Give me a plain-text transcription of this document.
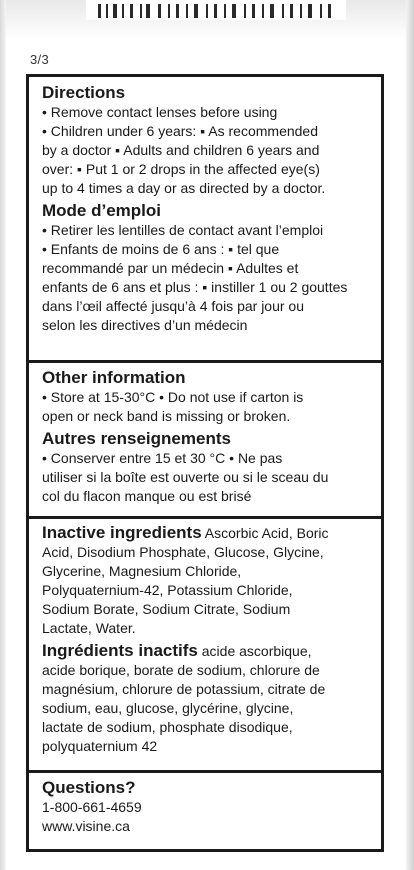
3/3

Directions

• Remove contact lenses before using

• Children under 6 years: ▪ As recommended

by a doctor ▪ Adults and children 6 years and

over: ▪ Put 1 or 2 drops in the affected eye(s)

up to 4 times a day or as directed by a doctor.

Mode d’emploi

• Retirer les lentilles de contact avant l’emploi

• Enfants de moins de 6 ans : ▪ tel que

recommandé par un médecin ▪ Adultes et

enfants de 6 ans et plus : ▪ instiller 1 ou 2 gouttes

dans l’œil affecté jusqu’à 4 fois par jour ou

selon les directives d’un médecin

Other information

• Store at 15-30°C • Do not use if carton is

open or neck band is missing or broken.

Autres renseignements

• Conserver entre 15 et 30 °C • Ne pas

utiliser si la boîte est ouverte ou si le sceau du

col du flacon manque ou est brisé

Inactive ingredients Ascorbic Acid, Boric

Acid, Disodium Phosphate, Glucose, Glycine,

Glycerine, Magnesium Chloride,

Polyquaternium-42, Potassium Chloride,

Sodium Borate, Sodium Citrate, Sodium

Lactate, Water.

Ingrédients inactifs acide ascorbique,

acide borique, borate de sodium, chlorure de

magnésium, chlorure de potassium, citrate de

sodium, eau, glucose, glycérine, glycine,

lactate de sodium, phosphate disodique,

polyquaternium 42

Questions?

1-800-661-4659

www.visine.ca
